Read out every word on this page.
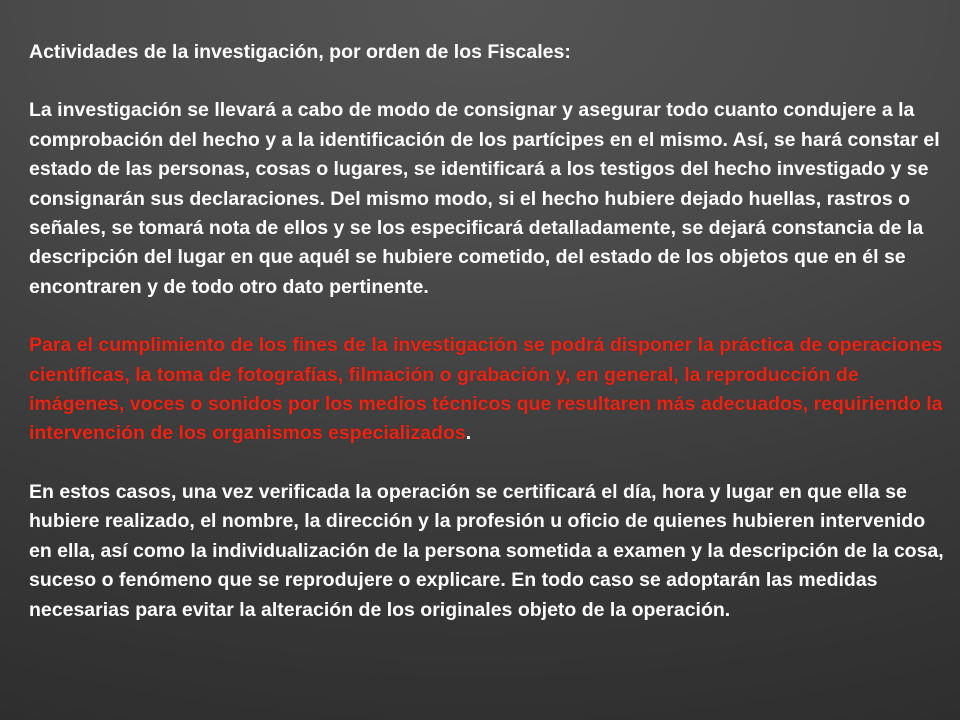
Actividades de la investigación, por orden de los Fiscales:

La investigación se llevará a cabo de modo de consignar y asegurar todo cuanto condujere a la comprobación del hecho y a la identificación de los partícipes en el mismo. Así, se hará constar el estado de las personas, cosas o lugares, se identificará a los testigos del hecho investigado y se consignarán sus declaraciones. Del mismo modo, si el hecho hubiere dejado huellas, rastros o señales, se tomará nota de ellos y se los especificará detalladamente, se dejará constancia de la descripción del lugar en que aquél se hubiere cometido, del estado de los objetos que en él se encontraren y de todo otro dato pertinente.

Para el cumplimiento de los fines de la investigación se podrá disponer la práctica de operaciones científicas, la toma de fotografías, filmación o grabación y, en general, la reproducción de imágenes, voces o sonidos por los medios técnicos que resultaren más adecuados, requiriendo la intervención de los organismos especializados.

En estos casos, una vez verificada la operación se certificará el día, hora y lugar en que ella se hubiere realizado, el nombre, la dirección y la profesión u oficio de quienes hubieren intervenido en ella, así como la individualización de la persona sometida a examen y la descripción de la cosa, suceso o fenómeno que se reprodujere o explicare. En todo caso se adoptarán las medidas necesarias para evitar la alteración de los originales objeto de la operación.
